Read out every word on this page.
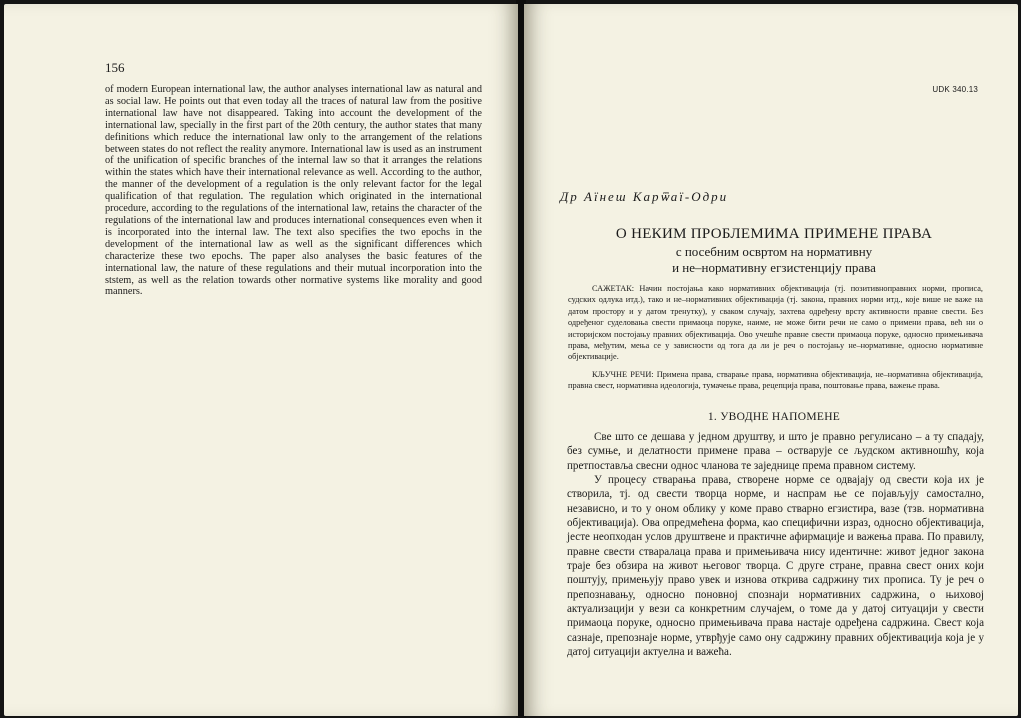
156
of modern European international law, the author analyses international law as natural and as social law. He points out that even today all the traces of natural law from the positive international law have not disappeared. Taking into account the development of the international law, specially in the first part of the 20th century, the author states that many definitions which reduce the international law only to the arrangement of the relations between states do not reflect the reality anymore. International law is used as an instrument of the unification of specific branches of the internal law so that it arranges the relations within the states which have their international relevance as well. According to the author, the manner of the development of a regulation is the only relevant factor for the legal qualification of that regulation. The regulation which originated in the international procedure, according to the regulations of the international law, retains the character of the regulations of the international law and produces international consequences even when it is incorporated into the internal law. The text also specifies the two epochs in the development of the international law as well as the significant differences which characterize these two epochs. The paper also analyses the basic features of the international law, the nature of these regulations and their mutual incorporation into the ststem, as well as the relation towards other normative systems like morality and good manners.
UDK 340.13
Др Аїнеш Карѿаї-Одри
О НЕКИМ ПРОБЛЕМИМА ПРИМЕНЕ ПРАВА
с посебним освртом на нормативну
и не–нормативну егзистенцију права
САЖЕТАК: Начин постојања како нормативних објективација (тј. позитивноправних норми, прописа, судских одлука итд.), тако и не–нормативних објективација (тј. закона, правних норми итд., које више не важе на датом простору и у датом тренутку), у сваком случају, захтева одређену врсту активности правне свести. Без одређеног суделовања свести примаоца поруке, наиме, не може бити речи не само о примени права, већ ни о историјском постојању правних објективација. Ово учешће правне свести примаоца поруке, односно примењивача права, међутим, мења се у зависности од тога да ли је реч о постојању не–нормативне, односно нормативне објективације.
КЉУЧНЕ РЕЧИ: Примена права, стварање права, нормативна објективација, не–нормативна објективација, правна свест, нормативна идеологија, тумачење права, рецепција права, поштовање права, важење права.
1. УВОДНЕ НАПОМЕНЕ

Све што се дешава у једном друштву, и што је правно регулисано – а ту спадају, без сумње, и делатности примене права – остварује се људском активношћу, која претпоставља свесни однос чланова те заједнице према правном систему.

У процесу стварања права, створене норме се одвајају од свести која их је створила, тј. од свести творца норме, и наспрам ње се појављују самостално, независно, и то у оном облику у коме право стварно егзистира, вазе (тзв. нормативна објективација). Ова опредмећена форма, као специфични израз, односно објективација, јесте неопходан услов друштвене и практичне афирмације и важења права. По правилу, правне свести стваралаца права и примењивача нису идентичне: живот једног закона траје без обзира на живот његовог творца. С друге стране, правна свест оних који поштују, примењују право увек и изнова открива садржину тих прописа. Ту је реч о препознавању, односно поновној спознаји нормативних садржина, о њиховој актуализацији у вези са конкретним случајем, о томе да у датој ситуацији у свести примаоца поруке, односно примењивача права настаје одређена садржина. Свест која сазнаје, препознаје норме, утврђује само ону садржину правних објективација која је у датој ситуацији актуелна и важећа.
